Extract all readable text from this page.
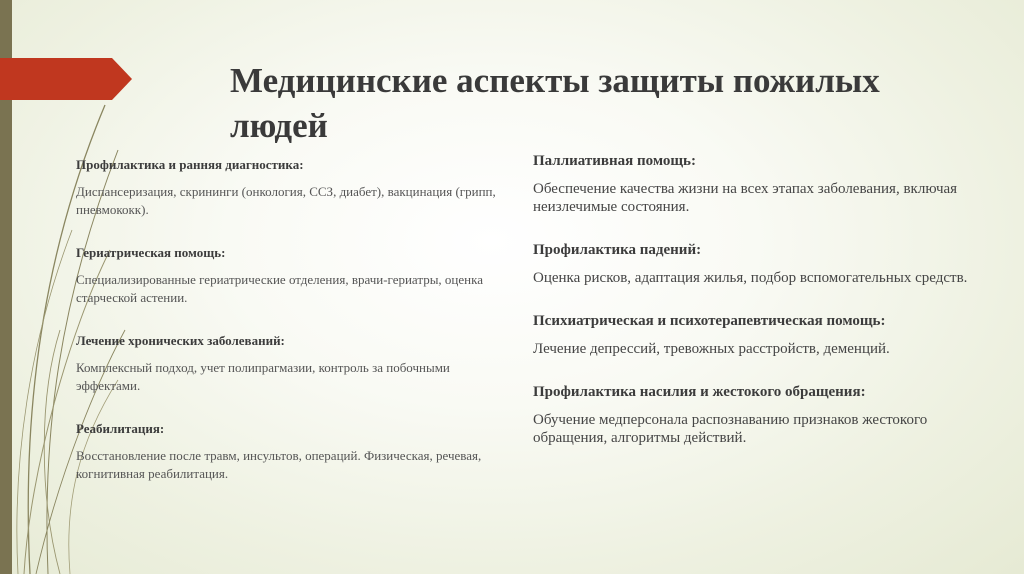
Медицинские аспекты защиты пожилых людей

Профилактика и ранняя диагностика:

Диспансеризация, скрининги (онкология, ССЗ, диабет), вакцинация (грипп, пневмококк).

Гериатрическая помощь:

Специализированные гериатрические отделения, врачи-гериатры, оценка старческой астении.

Лечение хронических заболеваний:

Комплексный подход, учет полипрагмазии, контроль за побочными эффектами.

Реабилитация:

Восстановление после травм, инсультов, операций. Физическая, речевая, когнитивная реабилитация.

Паллиативная помощь:

Обеспечение качества жизни на всех этапах заболевания, включая неизлечимые состояния.

Профилактика падений:

Оценка рисков, адаптация жилья, подбор вспомогательных средств.

Психиатрическая и психотерапевтическая помощь:

Лечение депрессий, тревожных расстройств, деменций.

Профилактика насилия и жестокого обращения:

Обучение медперсонала распознаванию признаков жестокого обращения, алгоритмы действий.
